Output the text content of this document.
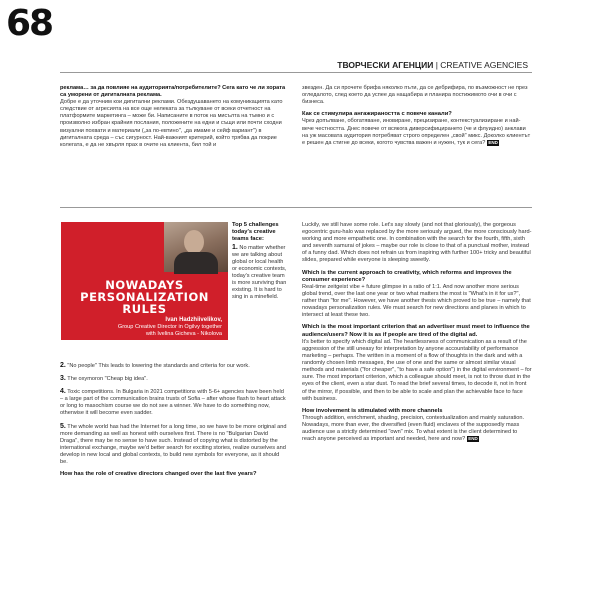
68
ТВОРЧЕСКИ АГЕНЦИИ | CREATIVE AGENCIES

реклама… за да повлияе на аудиторията/потребителите? Сега като че ли хората са уморени от дигиталната реклама.

Добре е да уточним кои дигитални реклами. Обездушаването на комуникацията като следствие от агресията на все още нелеката за тълкуване от всеки отчетност на платформите маркетинга – може би. Написаните в поток на мисълта на тъмно и с произволно избран крайния послания, положените на едни и същи или почти сходни визуални похвати и материали („за по-евтино", „да имаме и сейф вариант") в дигиталната среда – със сигурност. Най-важният критерий, който трябва да покрие колегата, е да не хвърля прах в очите на клиента, бил той и

звезден. Да си прочете брифа няколко пъти, да се дебрифира, по възможност не през огледалото, след което да успее да нащабира и планира постижимото очи в очи с бизнеса.

Как се стимулира ангажираността с повече канали?

Чрез допълване, обогатяване, иновиране, прецизиране, контекстуализиране и най-вече честността. Днес повече от всякога диверсифицирането (че и флуидно) анклави на уж масовата аудитория потребяват строго определен „свой" микс. Доколко клиентът е решен да стигне до всеки, когото чувства важен и нужен, тук и сега? END

NOWADAYS
PERSONALIZATION
RULES
Ivan Hadzhiivelikov,
Group Creative Director in Ogilvy together
with Ivelina Gicheva - Nikolova
Top 5 challenges today's creative teams face:

1. No matter whether we are talking about global or local health or economic contexts, today's creative team is more surviving than existing. It is hard to sing in a minefield.

2. "No people" This leads to lowering the standards and criteria for our work.

3. The oxymoron "Cheap big idea".

4. Toxic competitions. In Bulgaria in 2021 competitions with 5-6+ agencies have been held – a large part of the communication brains trusts of Sofia – after whose flash to heart attack or long to masochism course we do not see a winner. We have to do something now, otherwise it will become even sadder.

5. The whole world has had the Internet for a long time, so we have to be more original and more demanding as well as honest with ourselves first. There is no "Bulgarian David Draga", there may be no sense to have such. Instead of copying what is distorted by the international exchange, maybe we'd better search for exciting stories, realize ourselves and develop in new local and global contexts, to build new symbols for everyone, as it should be.

How has the role of creative directors changed over the last five years?

Luckily, we still have some role. Let's say slowly (and not that gloriously), the gorgeous egocentric guru-halo was replaced by the more seriously argued, the more consciously hard-working and more empathetic one. In combination with the search for the fourth, fifth, sixth and seventh samurai of jokes – maybe our role is close to that of a punctual mother, instead of a funny dad. Which does not refrain us from inspiring with further 100+ tricky and beautiful slides, prepared while everyone is sleeping sweetly.

Which is the current approach to creativity, which reforms and improves the consumer experience?

Real-time zeitgeist vibe + future glimpse in a ratio of 1:1. And now another more serious global trend, over the last one year or two what matters the most is "What's in it for us?", rather than "for me". However, we have another thesis which proved to be true – namely that nowadays personalization rules. We must search for new directions and planes in which to intersect at least these two.

Which is the most important criterion that an advertiser must meet to influence the audience/users? Now it is as if people are tired of the digital ad.

It's better to specify which digital ad. The heartlessness of communication as a result of the aggression of the still uneasy for interpretation by anyone accountability of performance marketing – perhaps. The written in a moment of a flow of thoughts in the dark and with a randomly chosen limb messages, the use of one and the same or almost similar visual methods and materials ("for cheaper", "to have a safe option") in the digital environment – for sure. The most important criterion, which a colleague should meet, is not to throw dust in the eyes of the client, even a star dust. To read the brief several times, to decode it, not in front of the mirror, if possible, and then to be able to scale and plan the achievable face to face with business.

How involvement is stimulated with more channels

Through addition, enrichment, shading, precision, contextualization and mainly saturation. Nowadays, more than ever, the diversified (even fluid) enclaves of the supposedly mass audience use a strictly determined "own" mix. To what extent is the client determined to reach anyone perceived as important and needed, here and now? END
